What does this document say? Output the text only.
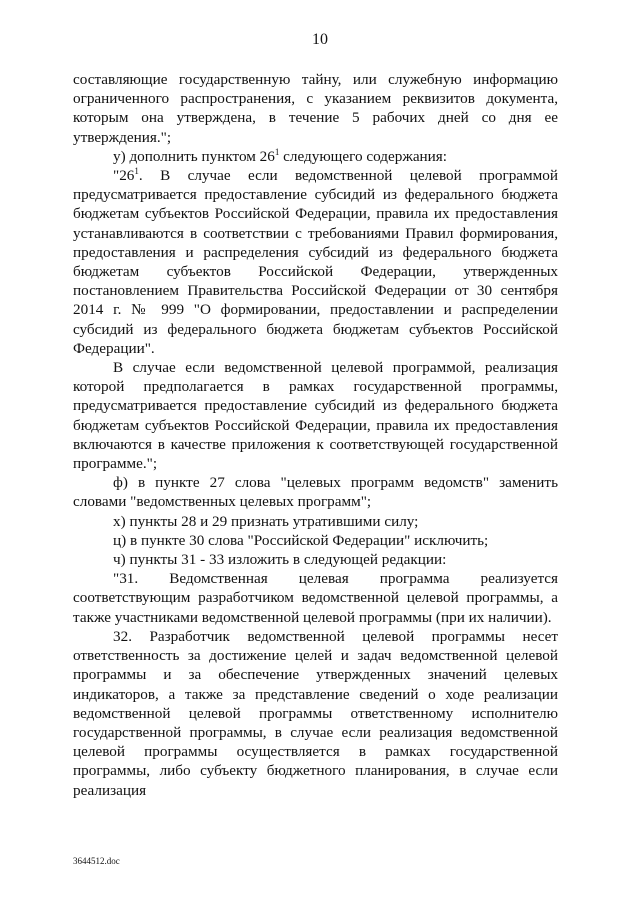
10

составляющие государственную тайну, или служебную информацию ограниченного распространения, с указанием реквизитов документа, которым она утверждена, в течение 5 рабочих дней со дня ее утверждения.";

у) дополнить пунктом $26^1$ следующего содержания:

"$26^1$. В случае если ведомственной целевой программой предусматривается предоставление субсидий из федерального бюджета бюджетам субъектов Российской Федерации, правила их предоставления устанавливаются в соответствии с требованиями Правил формирования, предоставления и распределения субсидий из федерального бюджета бюджетам субъектов Российской Федерации, утвержденных постановлением Правительства Российской Федерации от 30 сентября 2014 г. № 999 "О формировании, предоставлении и распределении субсидий из федерального бюджета бюджетам субъектов Российской Федерации".

В случае если ведомственной целевой программой, реализация которой предполагается в рамках государственной программы, предусматривается предоставление субсидий из федерального бюджета бюджетам субъектов Российской Федерации, правила их предоставления включаются в качестве приложения к соответствующей государственной программе.";

ф) в пункте 27 слова "целевых программ ведомств" заменить словами "ведомственных целевых программ";

х) пункты 28 и 29 признать утратившими силу;

ц) в пункте 30 слова "Российской Федерации" исключить;

ч) пункты 31 - 33 изложить в следующей редакции:

"31. Ведомственная целевая программа реализуется соответствующим разработчиком ведомственной целевой программы, а также участниками ведомственной целевой программы (при их наличии).

32. Разработчик ведомственной целевой программы несет ответственность за достижение целей и задач ведомственной целевой программы и за обеспечение утвержденных значений целевых индикаторов, а также за представление сведений о ходе реализации ведомственной целевой программы ответственному исполнителю государственной программы, в случае если реализация ведомственной целевой программы осуществляется в рамках государственной программы, либо субъекту бюджетного планирования, в случае если реализация

3644512.doc
